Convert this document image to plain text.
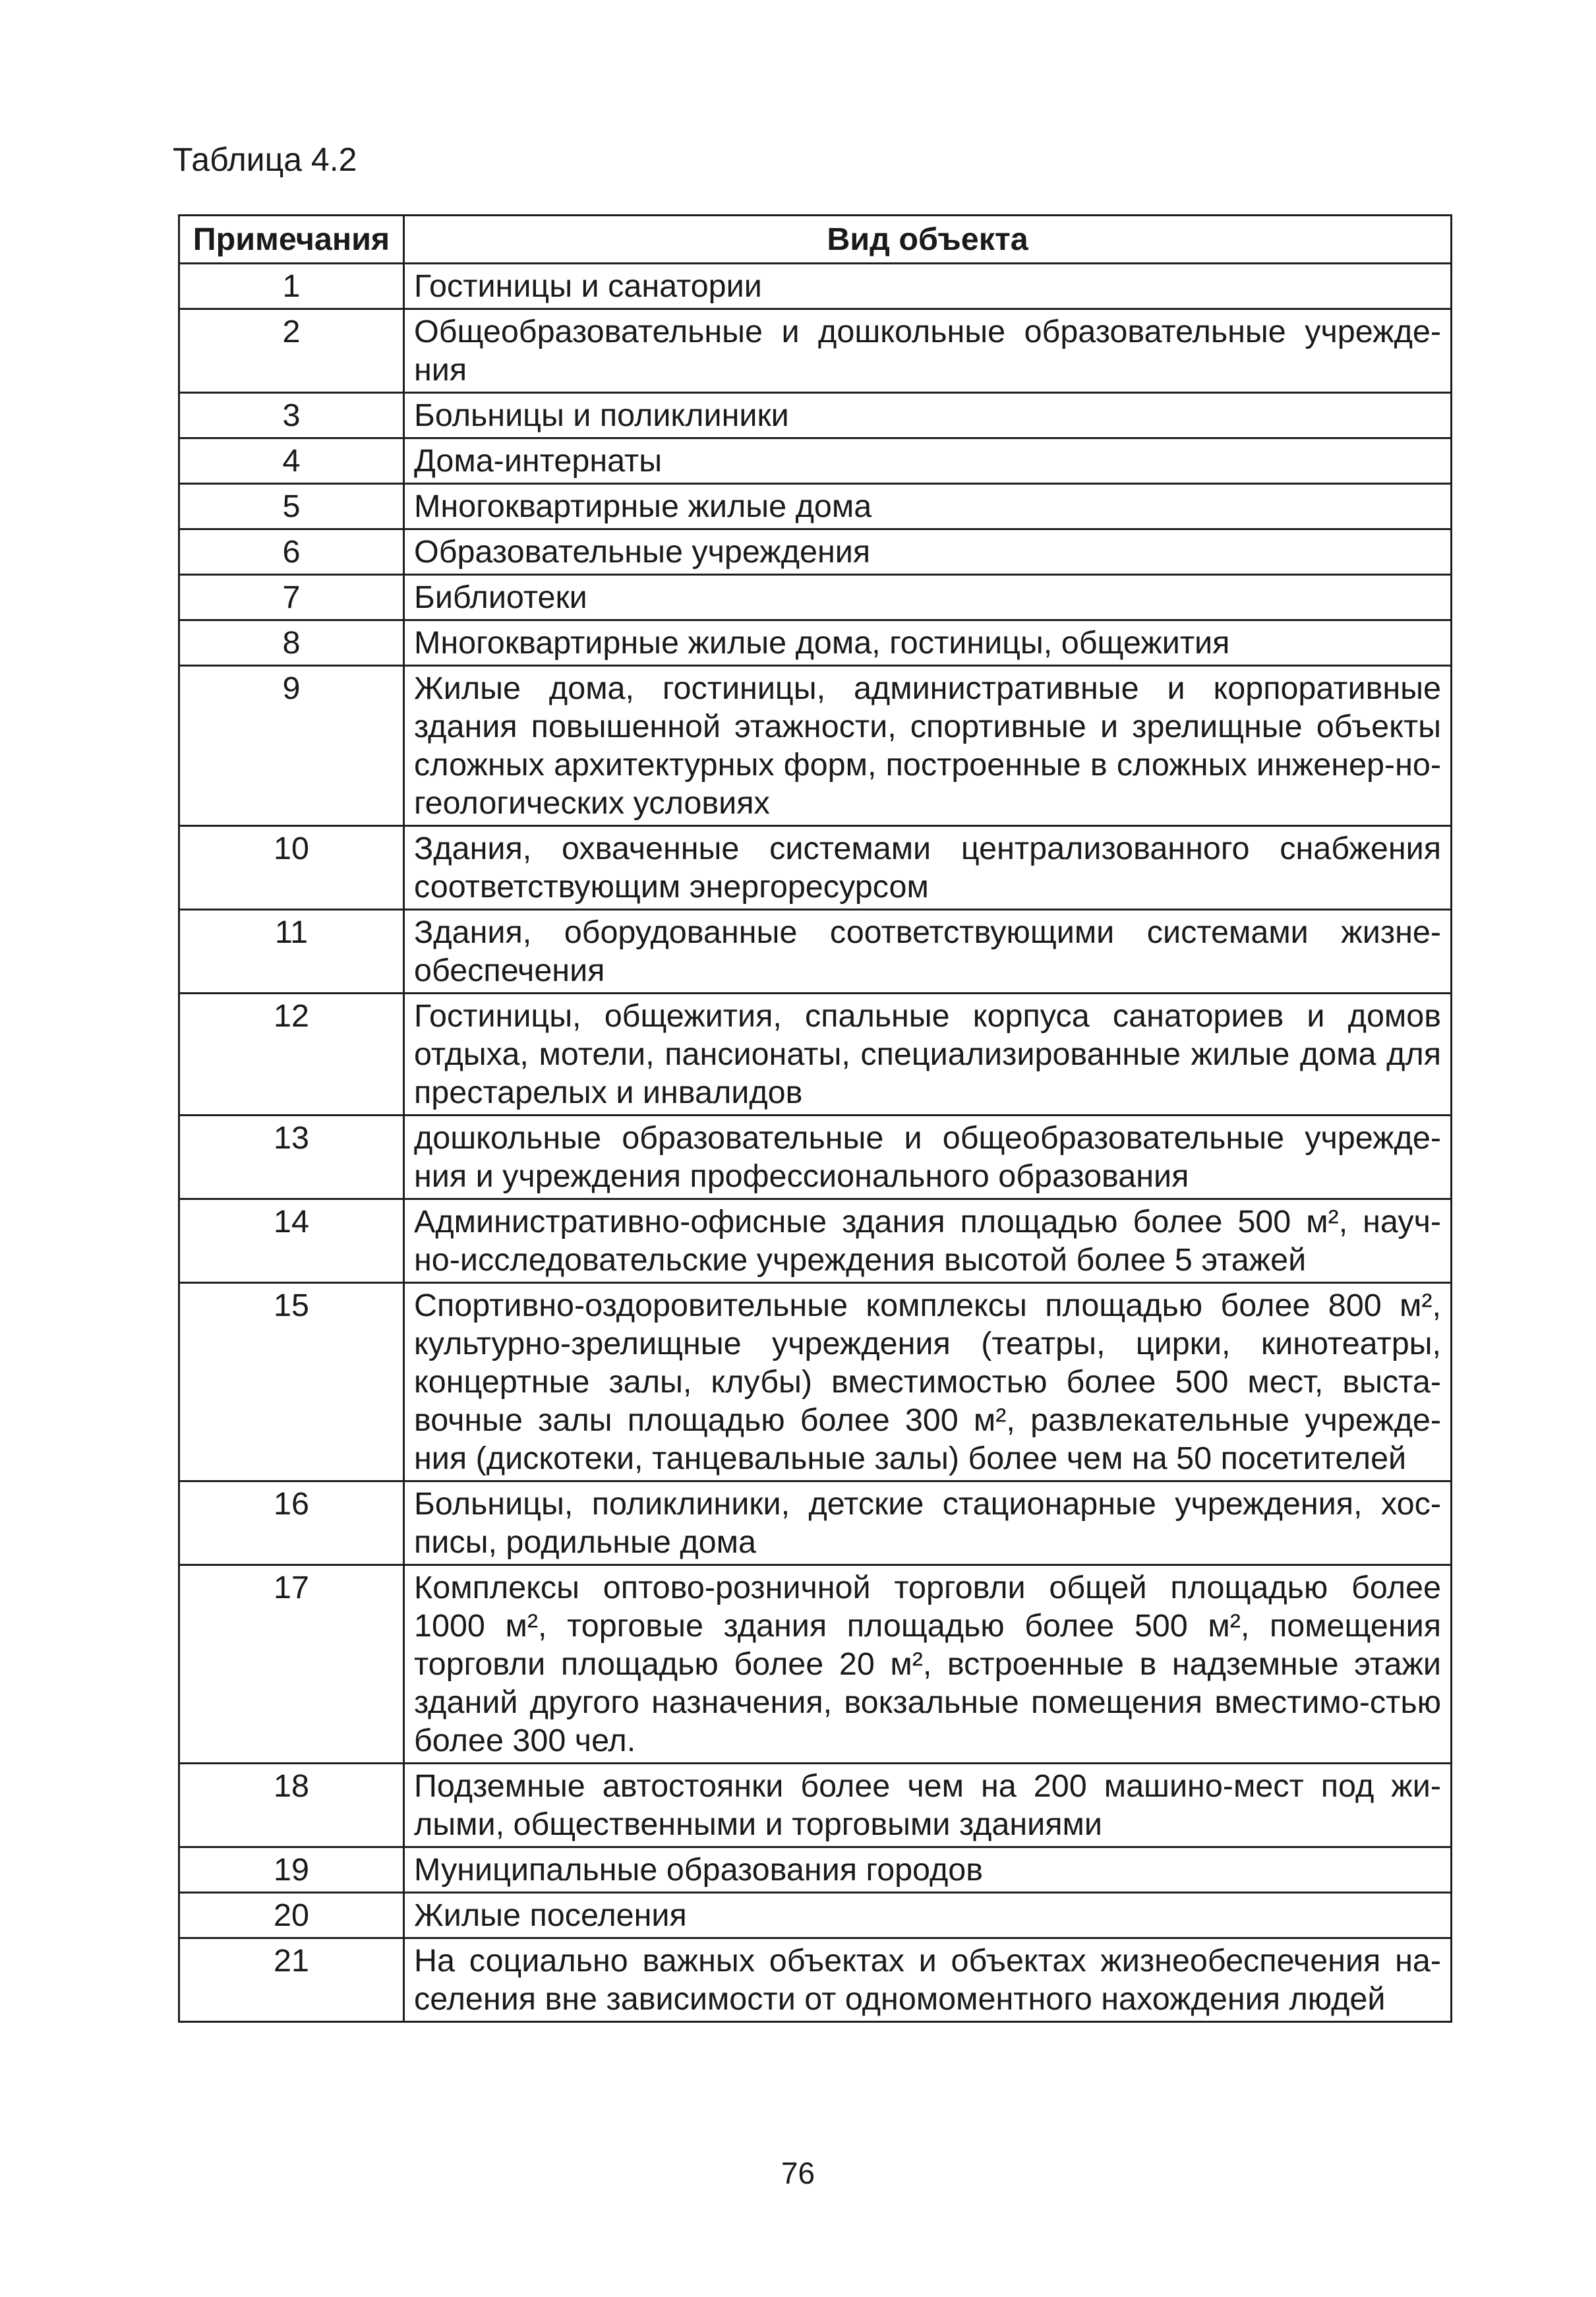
Таблица 4.2
Примечания	Вид объекта
1	Гостиницы и санатории
2	Общеобразовательные и дошкольные образовательные учрежде-ния
3	Больницы и поликлиники
4	Дома-интернаты
5	Многоквартирные жилые дома
6	Образовательные учреждения
7	Библиотеки
8	Многоквартирные жилые дома, гостиницы, общежития
9	Жилые дома, гостиницы, административные и корпоративные здания повышенной этажности, спортивные и зрелищные объекты сложных архитектурных форм, построенные в сложных инженер-но-геологических условиях
10	Здания, охваченные системами централизованного снабжения соответствующим энергоресурсом
11	Здания, оборудованные соответствующими системами жизне-обеспечения
12	Гостиницы, общежития, спальные корпуса санаториев и домов отдыха, мотели, пансионаты, специализированные жилые дома для престарелых и инвалидов
13	дошкольные образовательные и общеобразовательные учрежде-ния и учреждения профессионального образования
14	Административно-офисные здания площадью более 500 м², науч-но-исследовательские учреждения высотой более 5 этажей
15	Спортивно-оздоровительные комплексы площадью более 800 м², культурно-зрелищные учреждения (театры, цирки, кинотеатры, концертные залы, клубы) вместимостью более 500 мест, выста-вочные залы площадью более 300 м², развлекательные учрежде-ния (дискотеки, танцевальные залы) более чем на 50 посетителей
16	Больницы, поликлиники, детские стационарные учреждения, хос-писы, родильные дома
17	Комплексы оптово-розничной торговли общей площадью более 1000 м², торговые здания площадью более 500 м², помещения торговли площадью более 20 м², встроенные в надземные этажи зданий другого назначения, вокзальные помещения вместимо-стью более 300 чел.
18	Подземные автостоянки более чем на 200 машино-мест под жи-лыми, общественными и торговыми зданиями
19	Муниципальные образования городов
20	Жилые поселения
21	На социально важных объектах и объектах жизнеобеспечения на-селения вне зависимости от одномоментного нахождения людей
76
